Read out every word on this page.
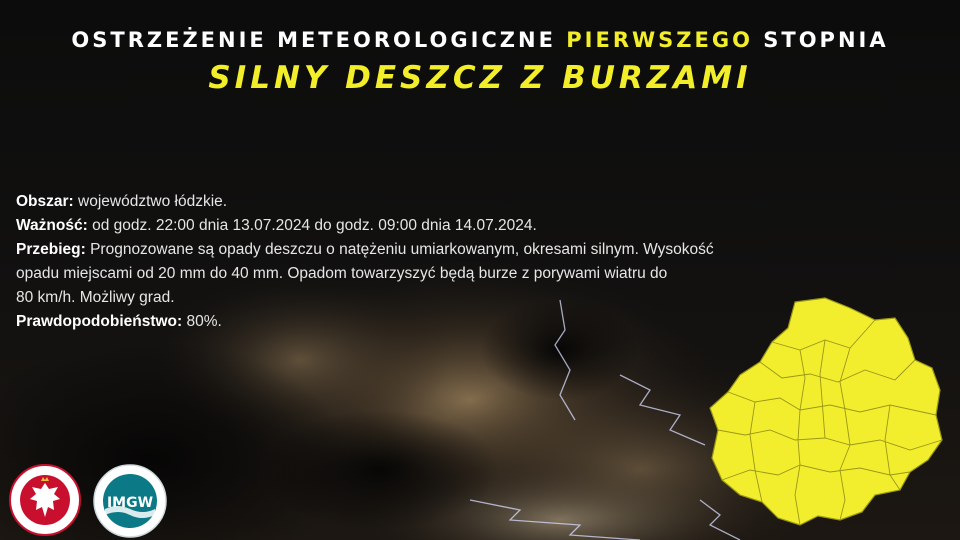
OSTRZEŻENIE METEOROLOGICZNE PIERWSZEGO STOPNIA
SILNY DESZCZ Z BURZAMI
Obszar: województwo łódzkie.
Ważność: od godz. 22:00 dnia 13.07.2024 do godz. 09:00 dnia 14.07.2024.
Przebieg: Prognozowane są opady deszczu o natężeniu umiarkowanym, okresami silnym. Wysokość
opadu miejscami od 20 mm do 40 mm. Opadom towarzyszyć będą burze z porywami wiatru do
80 km/h. Możliwy grad.
Prawdopodobieństwo: 80%.
IMGW
